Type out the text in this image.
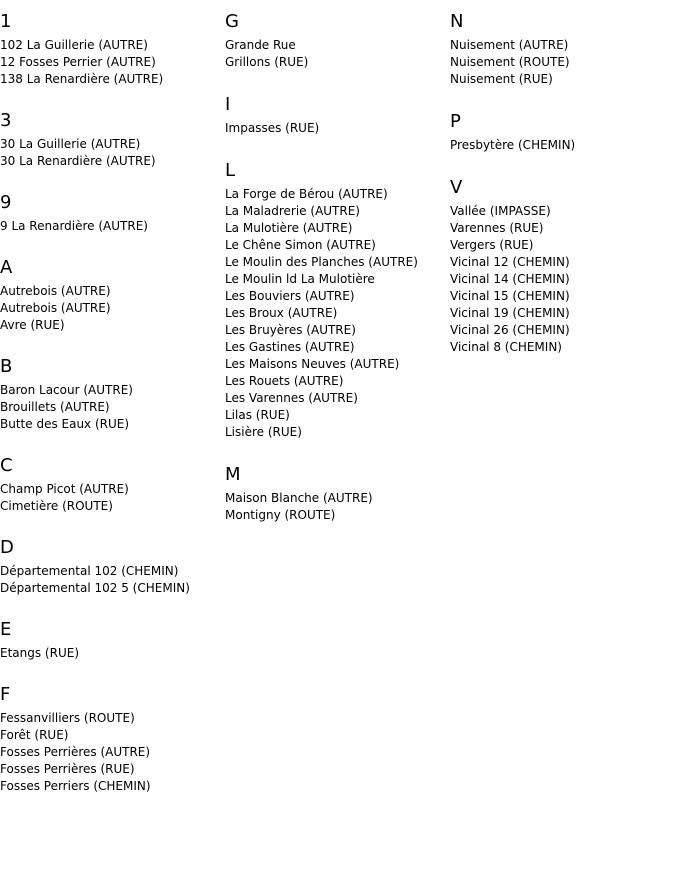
1
102 La Guillerie (AUTRE)
12 Fosses Perrier (AUTRE)
138 La Renardière (AUTRE)
3
30 La Guillerie (AUTRE)
30 La Renardière (AUTRE)
9
9 La Renardière (AUTRE)
A
Autrebois (AUTRE)
Autrebois (AUTRE)
Avre (RUE)
B
Baron Lacour (AUTRE)
Brouillets (AUTRE)
Butte des Eaux (RUE)
C
Champ Picot (AUTRE)
Cimetière (ROUTE)
D
Départemental 102 (CHEMIN)
Départemental 102 5 (CHEMIN)
E
Etangs (RUE)
F
Fessanvilliers (ROUTE)
Forêt (RUE)
Fosses Perrières (AUTRE)
Fosses Perrières (RUE)
Fosses Perriers (CHEMIN)
G
Grande Rue
Grillons (RUE)
I
Impasses (RUE)
L
La Forge de Bérou (AUTRE)
La Maladrerie (AUTRE)
La Mulotière (AUTRE)
Le Chêne Simon (AUTRE)
Le Moulin des Planches (AUTRE)
Le Moulin ld La Mulotière
Les Bouviers (AUTRE)
Les Broux (AUTRE)
Les Bruyères (AUTRE)
Les Gastines (AUTRE)
Les Maisons Neuves (AUTRE)
Les Rouets (AUTRE)
Les Varennes (AUTRE)
Lilas (RUE)
Lisière (RUE)
M
Maison Blanche (AUTRE)
Montigny (ROUTE)
N
Nuisement (AUTRE)
Nuisement (ROUTE)
Nuisement (RUE)
P
Presbytère (CHEMIN)
V
Vallée (IMPASSE)
Varennes (RUE)
Vergers (RUE)
Vicinal 12 (CHEMIN)
Vicinal 14 (CHEMIN)
Vicinal 15 (CHEMIN)
Vicinal 19 (CHEMIN)
Vicinal 26 (CHEMIN)
Vicinal 8 (CHEMIN)
